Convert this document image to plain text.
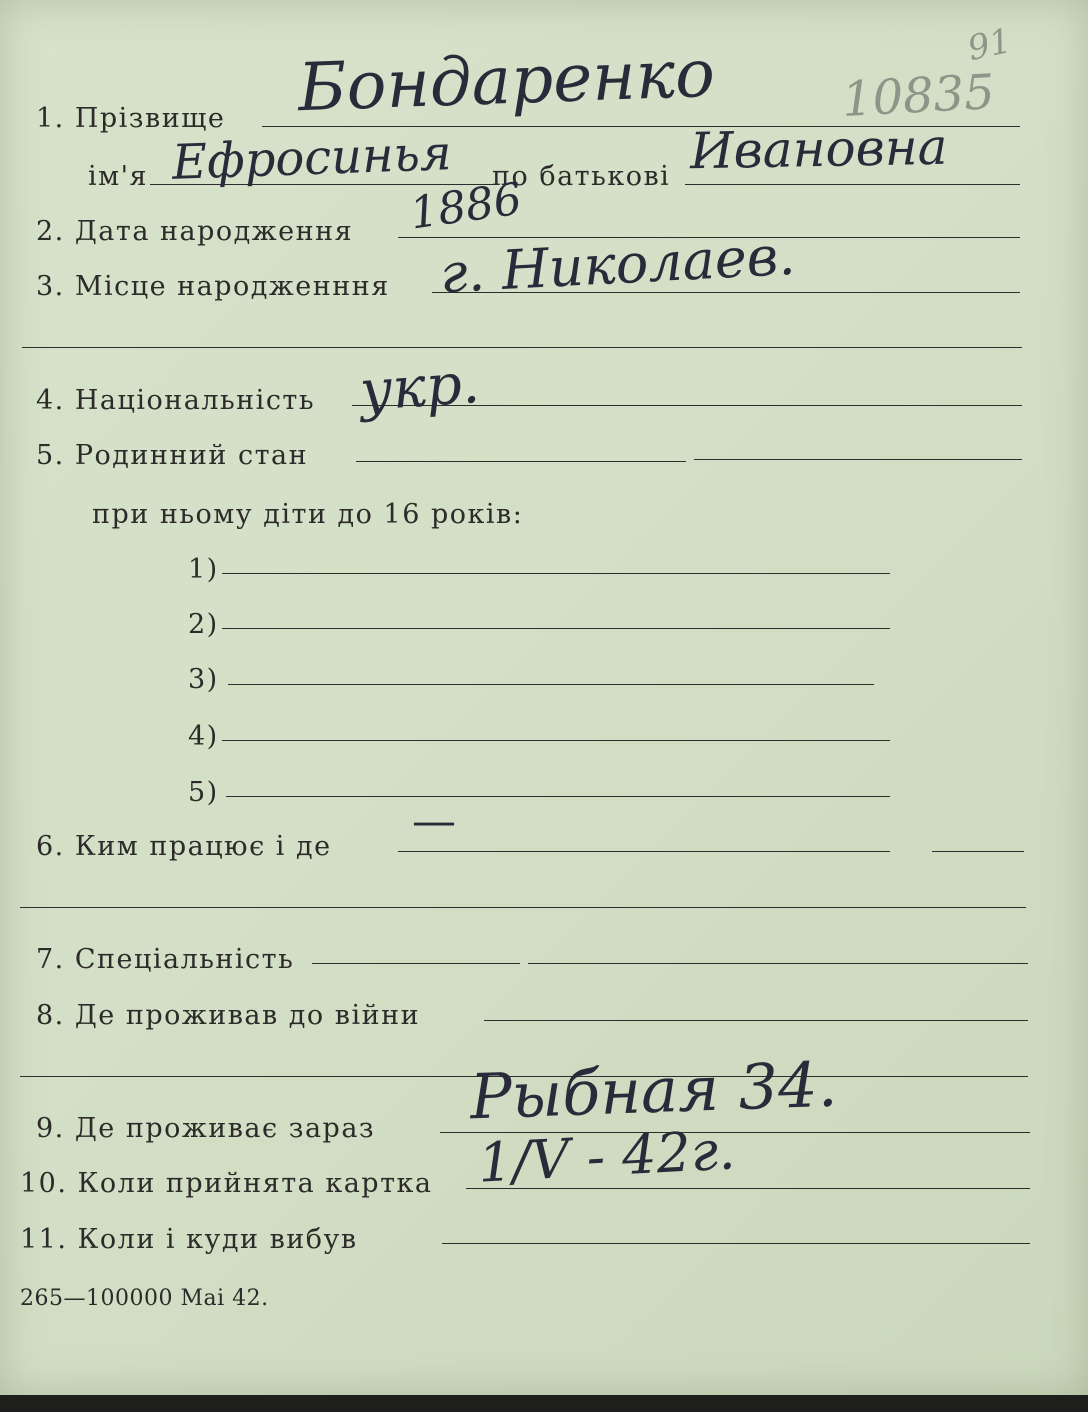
91
10835
1. Прізвище Бондаренко
ім'я Ефросинья по батькові Ивановна
2. Дата народження 1886
3. Місце народженння г. Николаев.
4. Національність укр.
5. Родинний стан
при ньому діти до 16 років:
1)
2)
3)
4)
5)
6. Ким працює і де —
7. Спеціальність
8. Де проживав до війни
9. Де проживає зараз Рыбная 34.
10. Коли прийнята картка 1/V - 42г.
11. Коли і куди вибув
265—100000 Mai 42.
